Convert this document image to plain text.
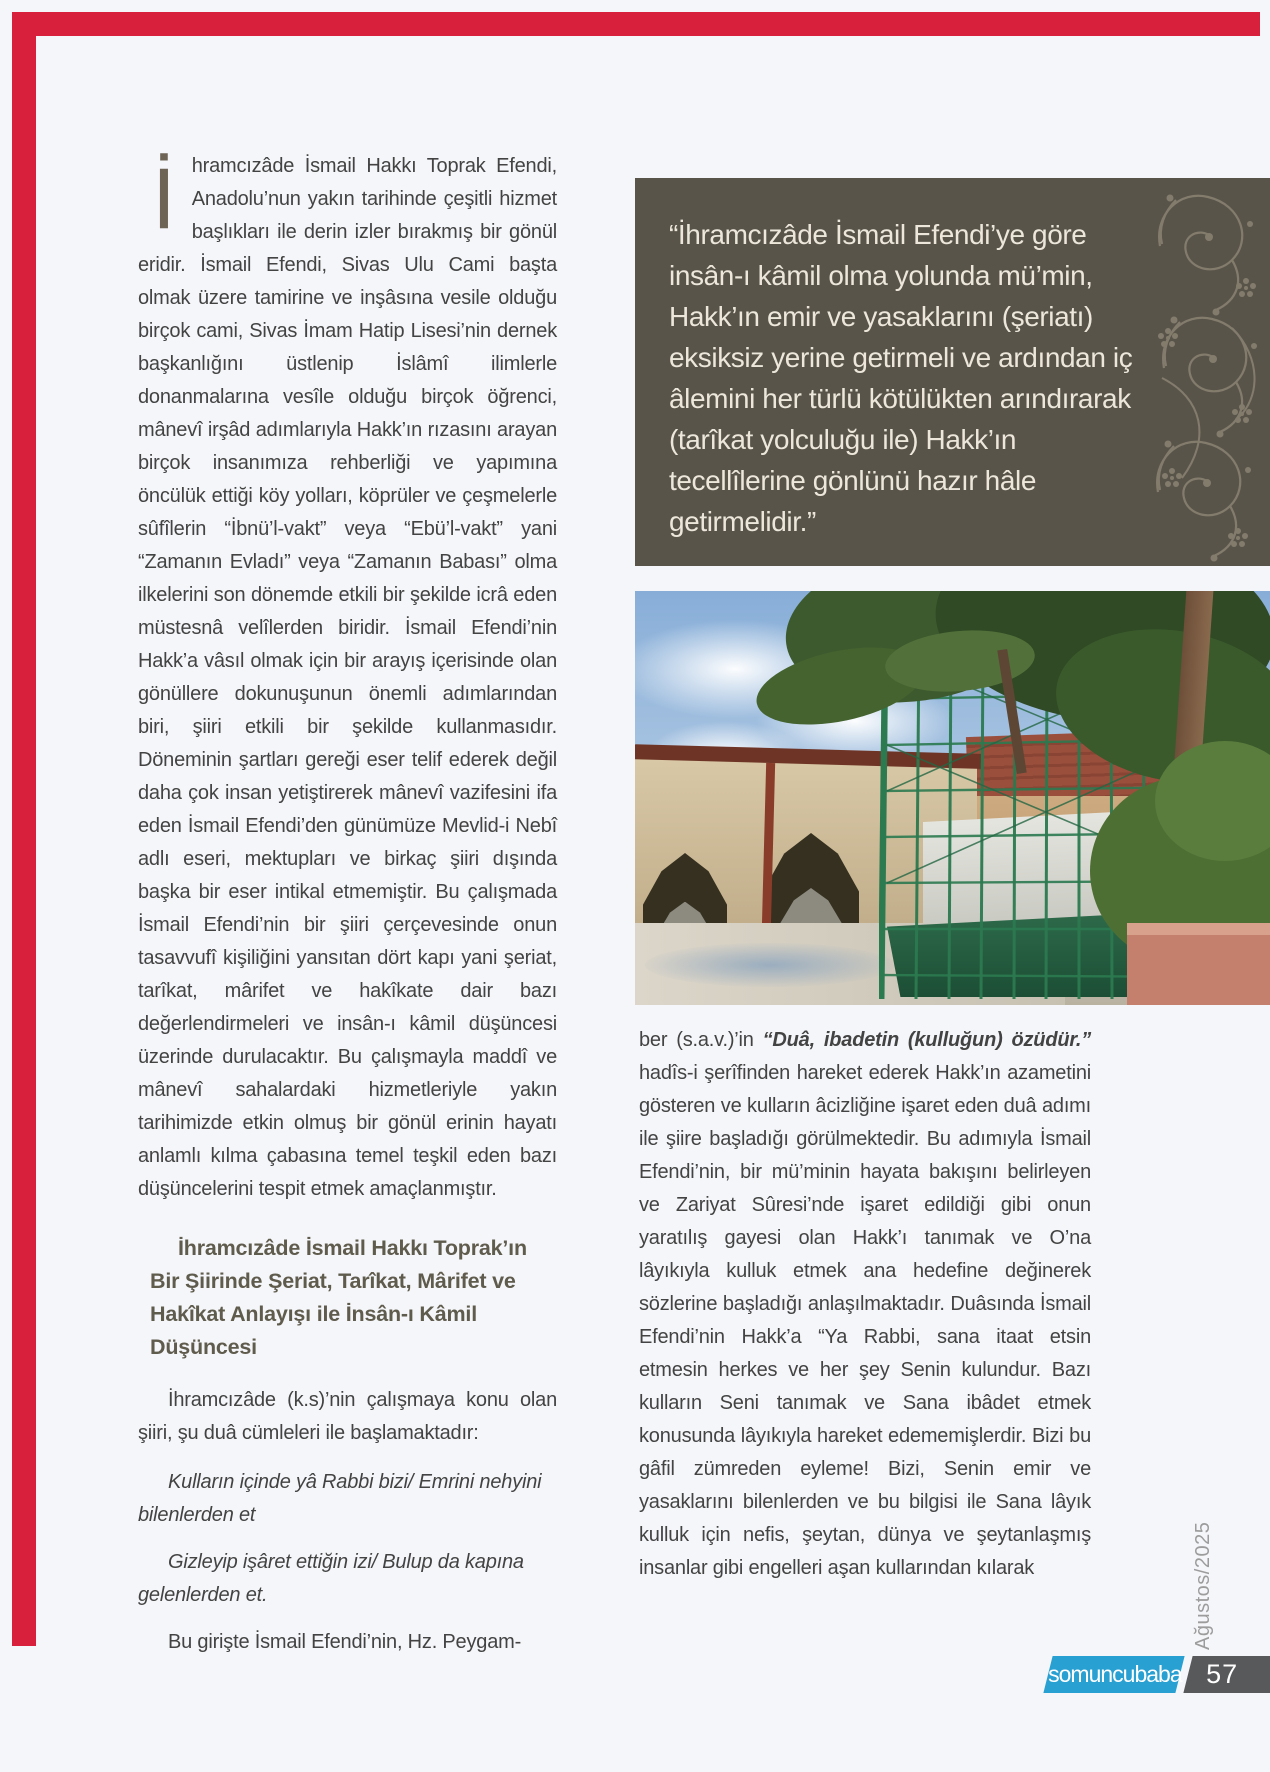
İhramcızâde İsmail Hakkı Toprak Efendi, Anadolu’nun yakın tarihinde çeşitli hizmet başlıkları ile derin izler bırakmış bir gönül eridir. İsmail Efendi, Sivas Ulu Cami başta olmak üzere tamirine ve inşâsına vesile olduğu birçok cami, Sivas İmam Hatip Lisesi’nin dernek başkanlığını üstlenip İslâmî ilimlerle donanmalarına vesîle olduğu birçok öğrenci, mânevî irşâd adımlarıyla Hakk’ın rızasını arayan birçok insanımıza rehberliği ve yapımına öncülük ettiği köy yolları, köprüler ve çeşmelerle sûfîlerin “İbnü’l-vakt” veya “Ebü’l-vakt” yani “Zamanın Evladı” veya “Zamanın Babası” olma ilkelerini son dönemde etkili bir şekilde icrâ eden müstesnâ velîlerden biridir. İsmail Efendi’nin Hakk’a vâsıl olmak için bir arayış içerisinde olan gönüllere dokunuşunun önemli adımlarından biri, şiiri etkili bir şekilde kullanmasıdır. Döneminin şartları gereği eser telif ederek değil daha çok insan yetiştirerek mânevî vazifesini ifa eden İsmail Efendi’den günümüze Mevlid-i Nebî adlı eseri, mektupları ve birkaç şiiri dışında başka bir eser intikal etmemiştir. Bu çalışmada İsmail Efendi’nin bir şiiri çerçevesinde onun tasavvufî kişiliğini yansıtan dört kapı yani şeriat, tarîkat, mârifet ve hakîkate dair bazı değerlendirmeleri ve insân-ı kâmil düşüncesi üzerinde durulacaktır. Bu çalışmayla maddî ve mânevî sahalardaki hizmetleriyle yakın tarihimizde etkin olmuş bir gönül erinin hayatı anlamlı kılma çabasına temel teşkil eden bazı düşüncelerini tespit etmek amaçlanmıştır.

İhramcızâde İsmail Hakkı Toprak’ın Bir Şiirinde Şeriat, Tarîkat, Mârifet ve Hakîkat Anlayışı ile İnsân-ı Kâmil Düşüncesi

İhramcızâde (k.s)’nin çalışmaya konu olan şiiri, şu duâ cümleleri ile başlamaktadır:

Kulların içinde yâ Rabbi bizi/ Emrini nehyini bilenlerden et

Gizleyip işâret ettiğin izi/ Bulup da kapına gelenlerden et.

Bu girişte İsmail Efendi’nin, Hz. Peygam-

“İhramcızâde İsmail Efendi’ye göre insân-ı kâmil olma yolunda mü’min, Hakk’ın emir ve yasaklarını (şeriatı) eksiksiz yerine getirmeli ve ardından iç âlemini her türlü kötülükten arındırarak (tarîkat yolculuğu ile) Hakk’ın tecellîlerine gönlünü hazır hâle getirmelidir.”

ber (s.a.v.)’in “Duâ, ibadetin (kulluğun) özüdür.” hadîs-i şerîfinden hareket ederek Hakk’ın azametini gösteren ve kulların âcizliğine işaret eden duâ adımı ile şiire başladığı görülmektedir. Bu adımıyla İsmail Efendi’nin, bir mü’minin hayata bakışını belirleyen ve Zariyat Sûresi’nde işaret edildiği gibi onun yaratılış gayesi olan Hakk’ı tanımak ve O’na lâyıkıyla kulluk etmek ana hedefine değinerek sözlerine başladığı anlaşılmaktadır. Duâsında İsmail Efendi’nin Hakk’a “Ya Rabbi, sana itaat etsin etmesin herkes ve her şey Senin kulundur. Bazı kulların Seni tanımak ve Sana ibâdet etmek konusunda lâyıkıyla hareket edememişlerdir. Bizi bu gâfil zümreden eyleme! Bizi, Senin emir ve yasaklarını bilenlerden ve bu bilgisi ile Sana lâyık kulluk için nefis, şeytan, dünya ve şeytanlaşmış insanlar gibi engelleri aşan kullarından kılarak	Ağustos/2025
somuncubaba 57
